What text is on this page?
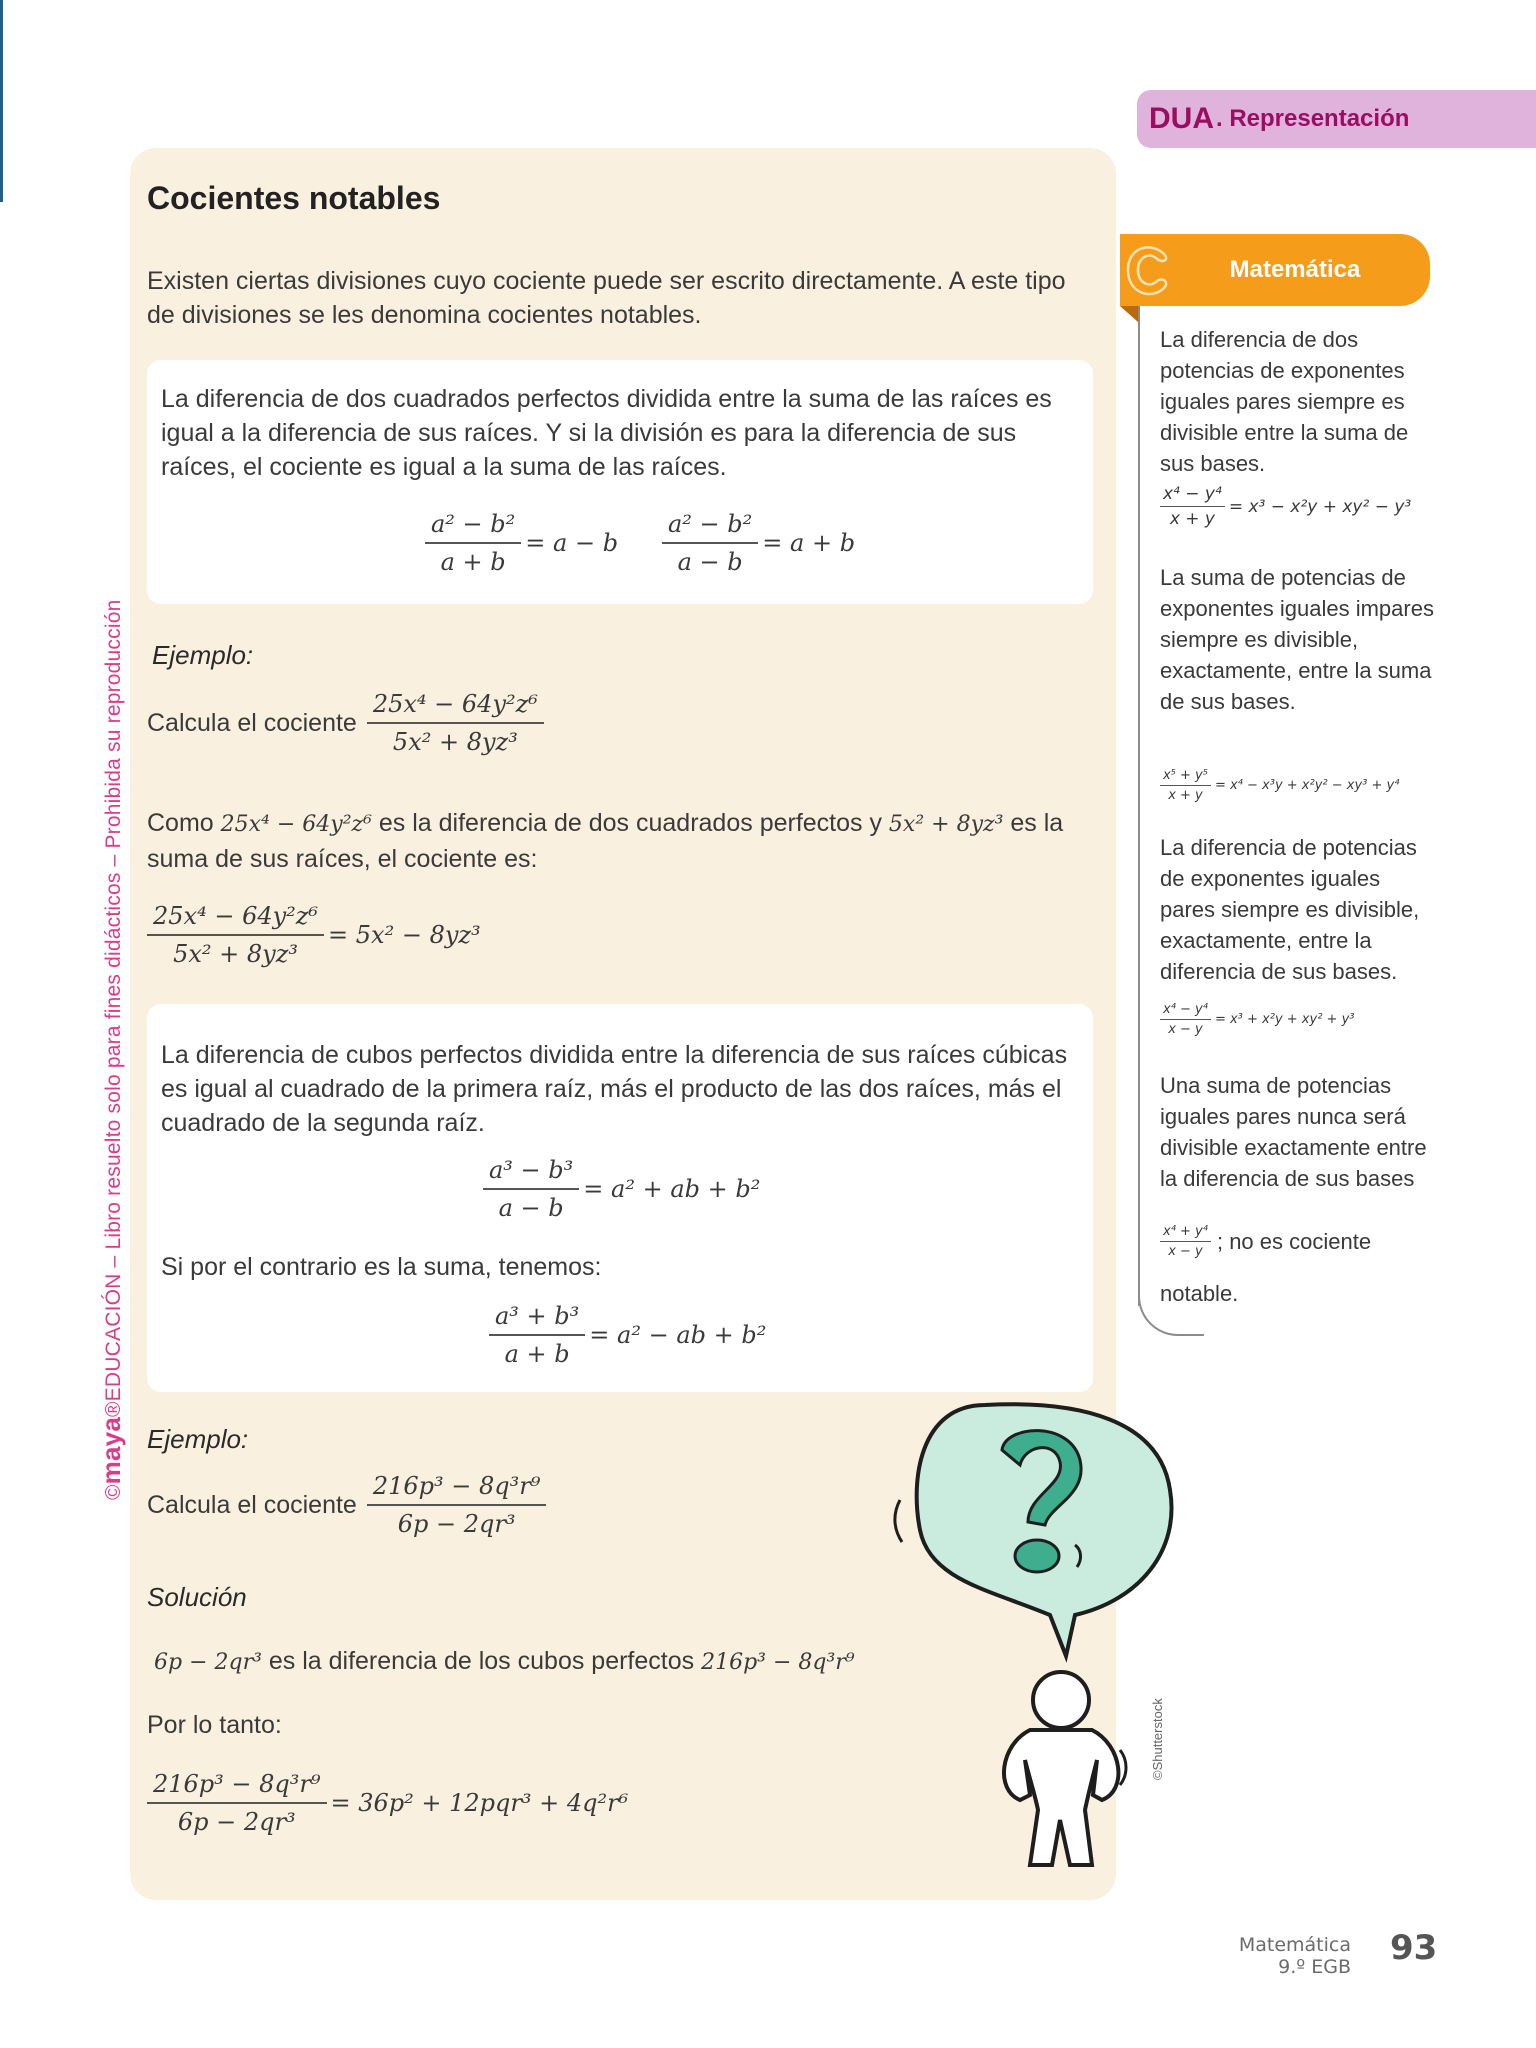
©maya®EDUCACIÓN – Libro resuelto solo para fines didácticos – Prohibida su reproducción
Cocientes notables

Existen ciertas divisiones cuyo cociente puede ser escrito directamente. A este tipo de divisiones se les denomina cocientes notables.

La diferencia de dos cuadrados perfectos dividida entre la suma de las raíces es igual a la diferencia de sus raíces. Y si la división es para la diferencia de sus raíces, el cociente es igual a la suma de las raíces.

$\frac{\text{a² − b²}}{a + b} = a - b \frac{\text{a² − b²}}{a - b} = a + b$
Ejemplo:
Calcula el cociente $\frac{\text{25x⁴ − 64y²z⁶}}{\text{5x² + 8yz³}}$
Como 25x⁴ − 64y²z⁶ es la diferencia de dos cuadrados perfectos y 5x² + 8yz³ es la suma de sus raíces, el cociente es:
$\frac{\text{25x⁴ − 64y²z⁶}}{\text{5x² + 8yz³}} = 5x^2 - 8yz^3$

La diferencia de cubos perfectos dividida entre la diferencia de sus raíces cúbicas es igual al cuadrado de la primera raíz, más el producto de las dos raíces, más el cuadrado de la segunda raíz.

$\frac{\text{a³ − b³}}{a - b} = a^2$ + ab + b²

Si por el contrario es la suma, tenemos:

$\frac{\text{a³ + b³}}{a + b} = a^2$ − ab + b²
Ejemplo:
Calcula el cociente $\frac{\text{216p³ − 8q³r⁹}}{\text{6p − 2qr³}}$
Solución
6p − 2qr³ es la diferencia de los cubos perfectos 216p³ − 8q³r⁹
Por lo tanto:
$\frac{\text{216p³ − 8q³r⁹}}{\text{6p − 2qr³}} = 36p^2 + 12pqr^3 + 4q^2r^6$
©Shutterstock
DUA . Representación
Matemática

La diferencia de dos potencias de exponentes iguales pares siempre es divisible entre la suma de sus bases.

$\frac{\text{x⁴ − y⁴}}{x + y} = x^3 - x^2y + xy^2 - y^3$

La suma de potencias de exponentes iguales impares siempre es divisible, exactamente, entre la suma de sus bases.

$\frac{\text{x⁵ + y⁵}}{x + y} = x^4 - x^3y + x^2y^2 - xy^3 + y^4$

La diferencia de potencias de exponentes iguales pares siempre es divisible, exactamente, entre la diferencia de sus bases.

$\frac{\text{x⁴ − y⁴}}{x - y} = x^3 + x^2y + xy^2 + y^3$

Una suma de potencias iguales pares nunca será divisible exactamente entre la diferencia de sus bases

$\frac{\text{x⁴ + y⁴}}{x - y}$ ; no es cociente

notable.

Matemática
9.º EGB 93
